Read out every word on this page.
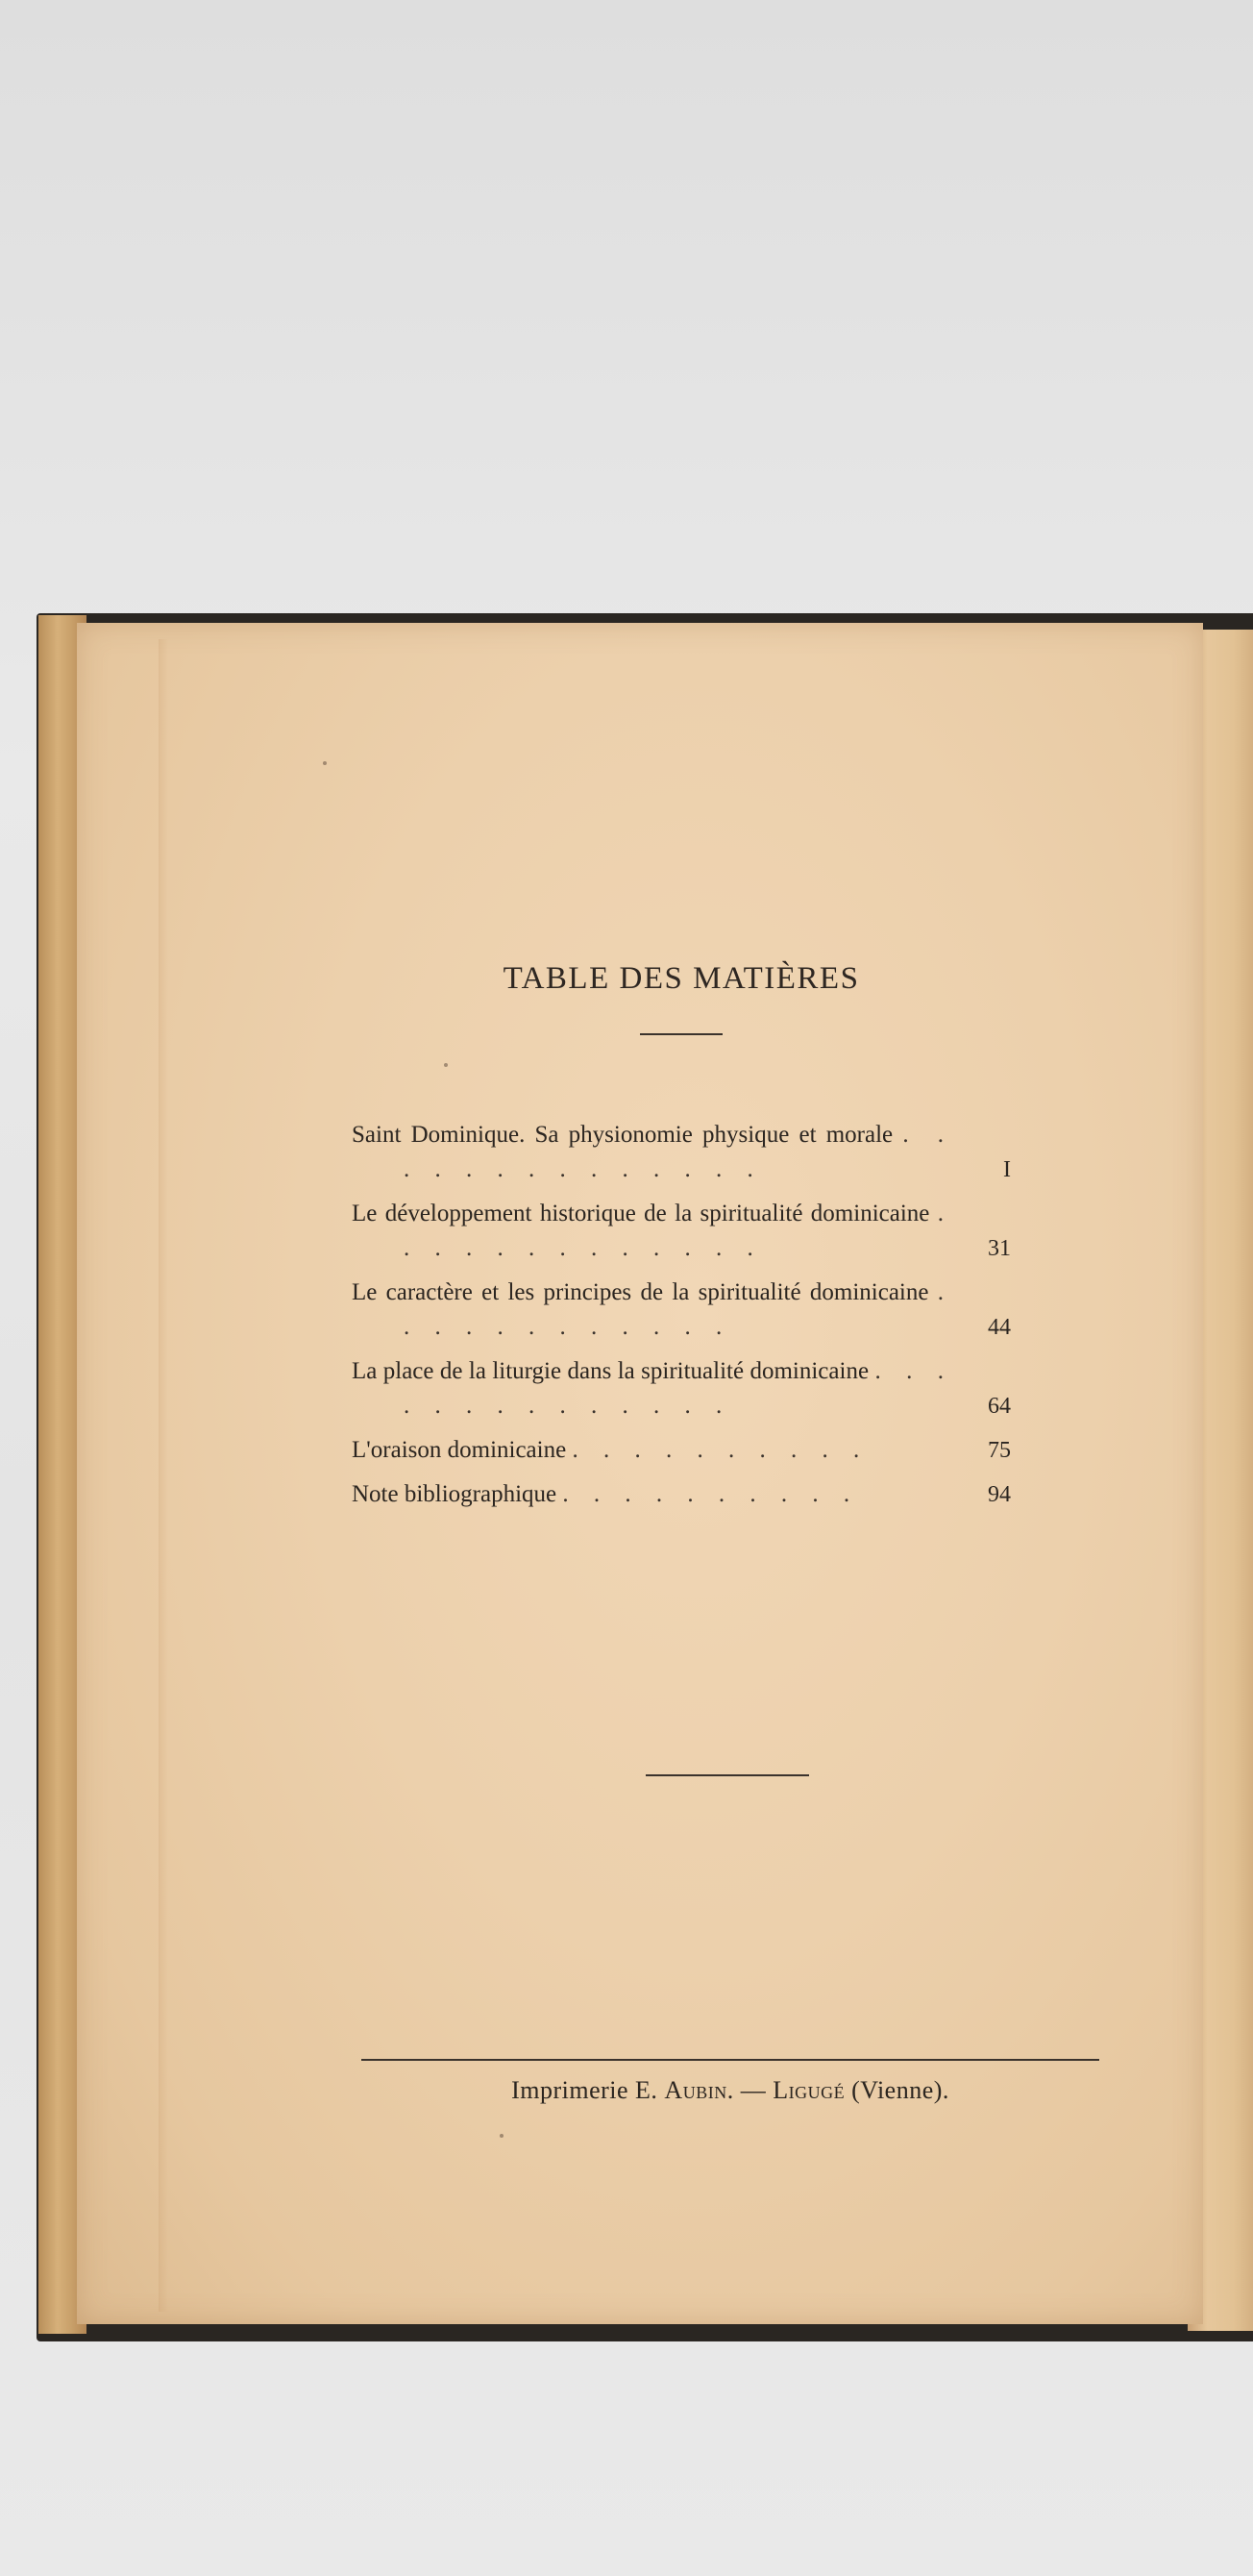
TABLE DES MATIÈRES
Saint Dominique. Sa physionomie physique et morale . . . . . . . . . . . . . .	I
Le développement historique de la spiritualité dominicaine . . . . . . . . . . . . .	31
Le caractère et les principes de la spiritualité dominicaine . . . . . . . . . . . .	44
La place de la liturgie dans la spiritualité dominicaine . . . . . . . . . . . . . .	64
L'oraison dominicaine . . . . . . . . . .	75
Note bibliographique . . . . . . . . . .	94
Imprimerie E. Aubin. — Ligugé (Vienne).
